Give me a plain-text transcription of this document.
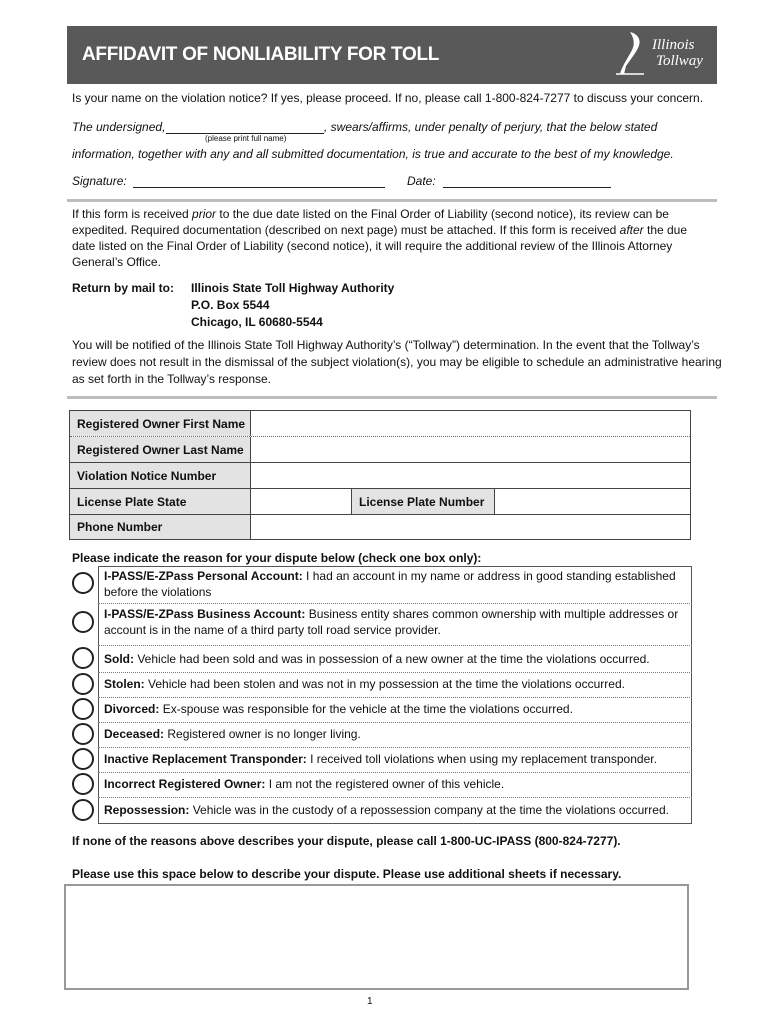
AFFIDAVIT OF NONLIABILITY FOR TOLL	Illinois
Tollway
Is your name on the violation notice? If yes, please proceed. If no, please call 1-800-824-7277 to discuss your concern.
The undersigned,
(please print full name)
, swears/affirms, under penalty of perjury, that the below stated
information, together with any and all submitted documentation, is true and accurate to the best of my knowledge.
Signature:	Date:
If this form is received prior to the due date listed on the Final Order of Liability (second notice), its review can be
expedited. Required documentation (described on next page) must be attached. If this form is received after the due
date listed on the Final Order of Liability (second notice), it will require the additional review of the Illinois Attorney
General’s Office.
Return by mail to: Illinois State Toll Highway Authority
P.O. Box 5544
Chicago, IL 60680-5544
You will be notified of the Illinois State Toll Highway Authority’s (“Tollway”) determination. In the event that the Tollway’s
review does not result in the dismissal of the subject violation(s), you may be eligible to schedule an administrative hearing
as set forth in the Tollway’s response.
Registered Owner First Name
Registered Owner Last Name
Violation Notice Number
License Plate State	License Plate Number
Phone Number
Please indicate the reason for your dispute below (check one box only):
I-PASS/E-ZPass Personal Account: I had an account in my name or address in good standing established
before the violations
I-PASS/E-ZPass Business Account: Business entity shares common ownership with multiple addresses or
account is in the name of a third party toll road service provider.
Sold: Vehicle had been sold and was in possession of a new owner at the time the violations occurred.
Stolen: Vehicle had been stolen and was not in my possession at the time the violations occurred.
Divorced: Ex-spouse was responsible for the vehicle at the time the violations occurred.
Deceased: Registered owner is no longer living.
Inactive Replacement Transponder: I received toll violations when using my replacement transponder.
Incorrect Registered Owner: I am not the registered owner of this vehicle.
Repossession: Vehicle was in the custody of a repossession company at the time the violations occurred.
If none of the reasons above describes your dispute, please call 1-800-UC-IPASS (800-824-7277).
Please use this space below to describe your dispute. Please use additional sheets if necessary.
1
